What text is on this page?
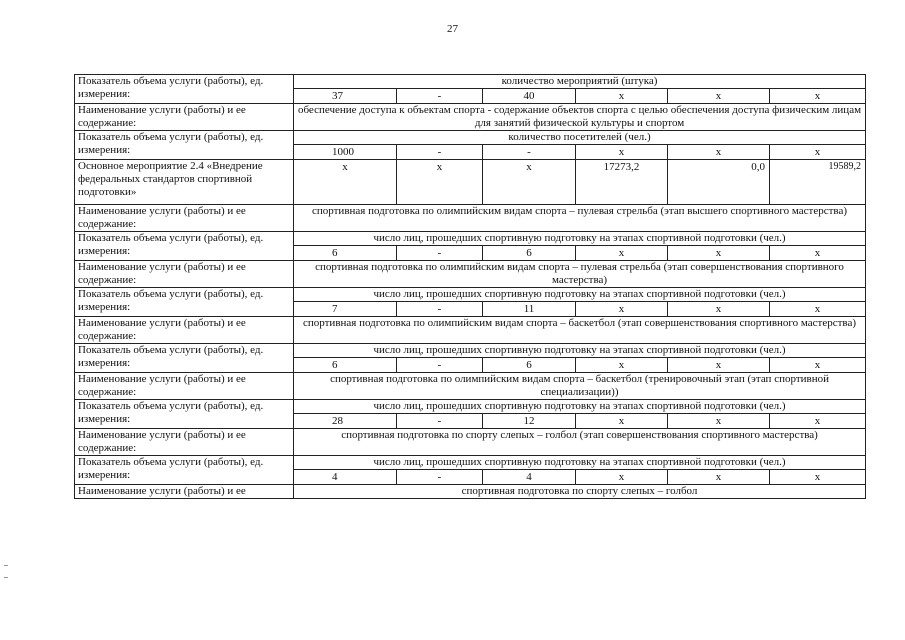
27
Показатель объема услуги (работы), ед. измерения:	количество мероприятий (штука)					
	37	-	40	х	х	х
Наименование услуги (работы) и ее содержание:	обеспечение доступа к объектам спорта - содержание объектов спорта с целью обеспечения доступа физическим лицам для занятий физической культуры и спортом					
Показатель объема услуги (работы), ед. измерения:	количество посетителей (чел.)					
	1000	-	-	х	х	х
Основное мероприятие 2.4 «Внедрение федеральных стандартов спортивной подготовки»	х	х	х	17273,2	0,0	19589,2
Наименование услуги (работы) и ее содержание:	спортивная подготовка по олимпийским видам спорта – пулевая стрельба (этап высшего спортивного мастерства)					
Показатель объема услуги (работы), ед. измерения:	число лиц, прошедших спортивную подготовку на этапах спортивной подготовки (чел.)					
	6	-	6	х	х	х
Наименование услуги (работы) и ее содержание:	спортивная подготовка по олимпийским видам спорта – пулевая стрельба (этап совершенствования спортивного мастерства)					
Показатель объема услуги (работы), ед. измерения:	число лиц, прошедших спортивную подготовку на этапах спортивной подготовки (чел.)					
	7	-	11	х	х	х
Наименование услуги (работы) и ее содержание:	спортивная подготовка по олимпийским видам спорта – баскетбол (этап совершенствования спортивного мастерства)					
Показатель объема услуги (работы), ед. измерения:	число лиц, прошедших спортивную подготовку на этапах спортивной подготовки (чел.)					
	6	-	6	х	х	х
Наименование услуги (работы) и ее содержание:	спортивная подготовка по олимпийским видам спорта – баскетбол (тренировочный этап (этап спортивной специализации))					
Показатель объема услуги (работы), ед. измерения:	число лиц, прошедших спортивную подготовку на этапах спортивной подготовки (чел.)					
	28	-	12	х	х	х
Наименование услуги (работы) и ее содержание:	спортивная подготовка по спорту слепых – голбол (этап совершенствования спортивного мастерства)					
Показатель объема услуги (работы), ед. измерения:	число лиц, прошедших спортивную подготовку на этапах спортивной подготовки (чел.)					
	4	-	4	х	х	х
Наименование услуги (работы) и ее	спортивная подготовка по спорту слепых – голбол					
